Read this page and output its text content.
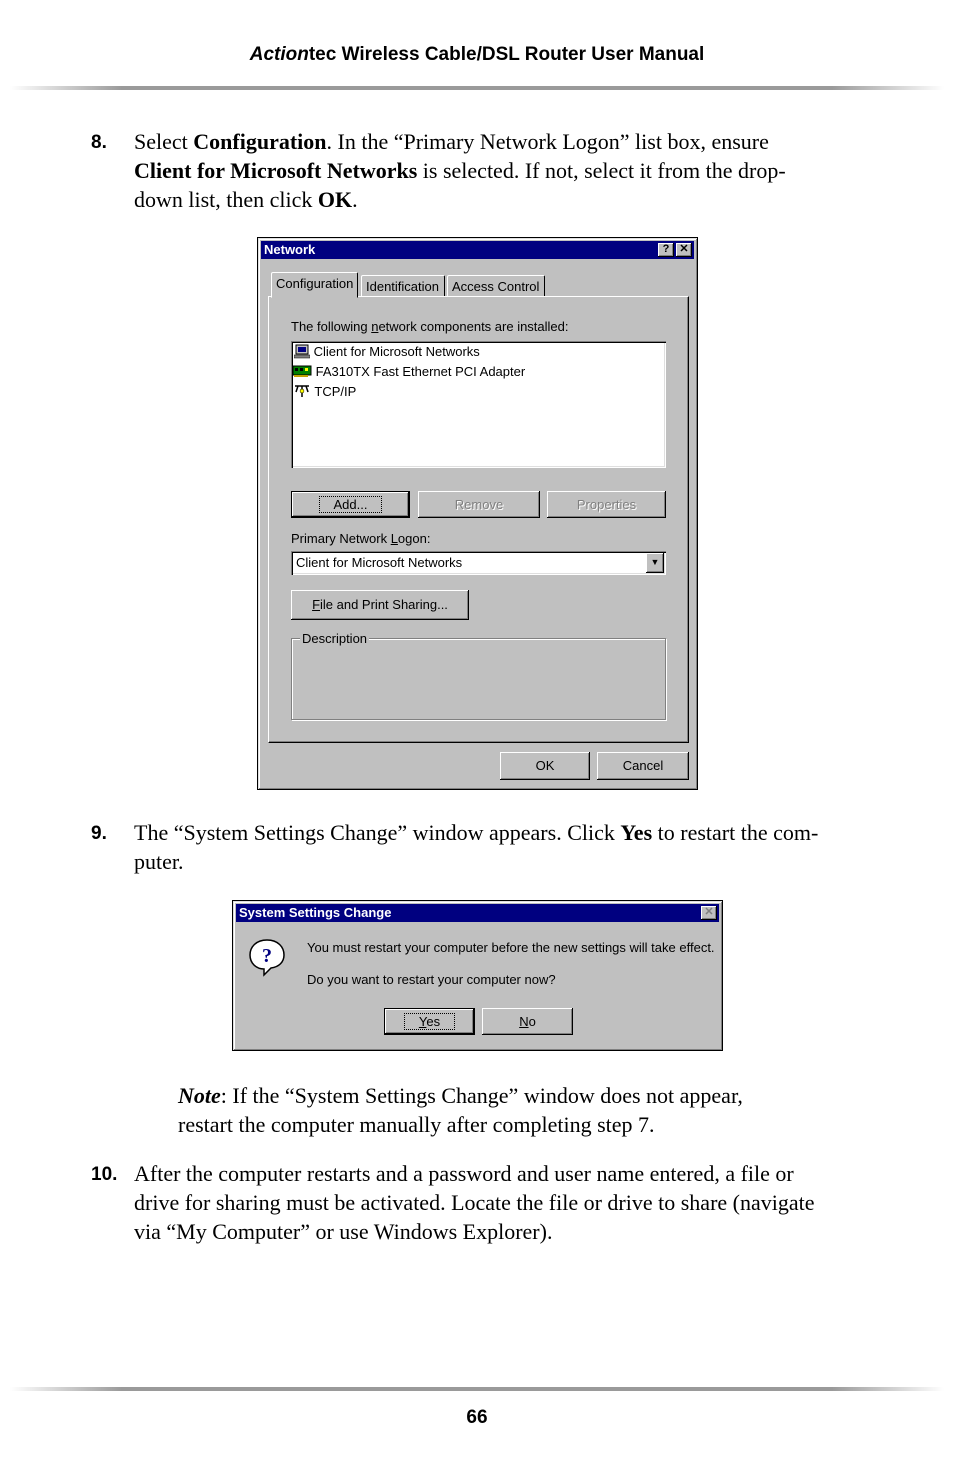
Actiontec Wireless Cable/DSL Router User Manual
8. Select Configuration. In the “Primary Network Logon” list box, ensure
Client for Microsoft Networks is selected. If not, select it from the drop-
down list, then click OK.
Network	? ✕
Configuration Identification	Access Control
The following network components are installed:
Client for Microsoft Networks
FA310TX Fast Ethernet PCI Adapter
TCP/IP
Add...	Remove	Properties
Primary Network Logon:
Client for Microsoft Networks	▼
File and Print Sharing...
Description
OK	Cancel
9. The “System Settings Change” window appears. Click Yes to restart the com-
puter.
System Settings Change	✕
?	You must restart your computer before the new settings will take effect.
Do you want to restart your computer now?
Yes	No
Note: If the “System Settings Change” window does not appear,
restart the computer manually after completing step 7.
10. After the computer restarts and a password and user name entered, a file or
drive for sharing must be activated. Locate the file or drive to share (navigate
via “My Computer” or use Windows Explorer).
66
